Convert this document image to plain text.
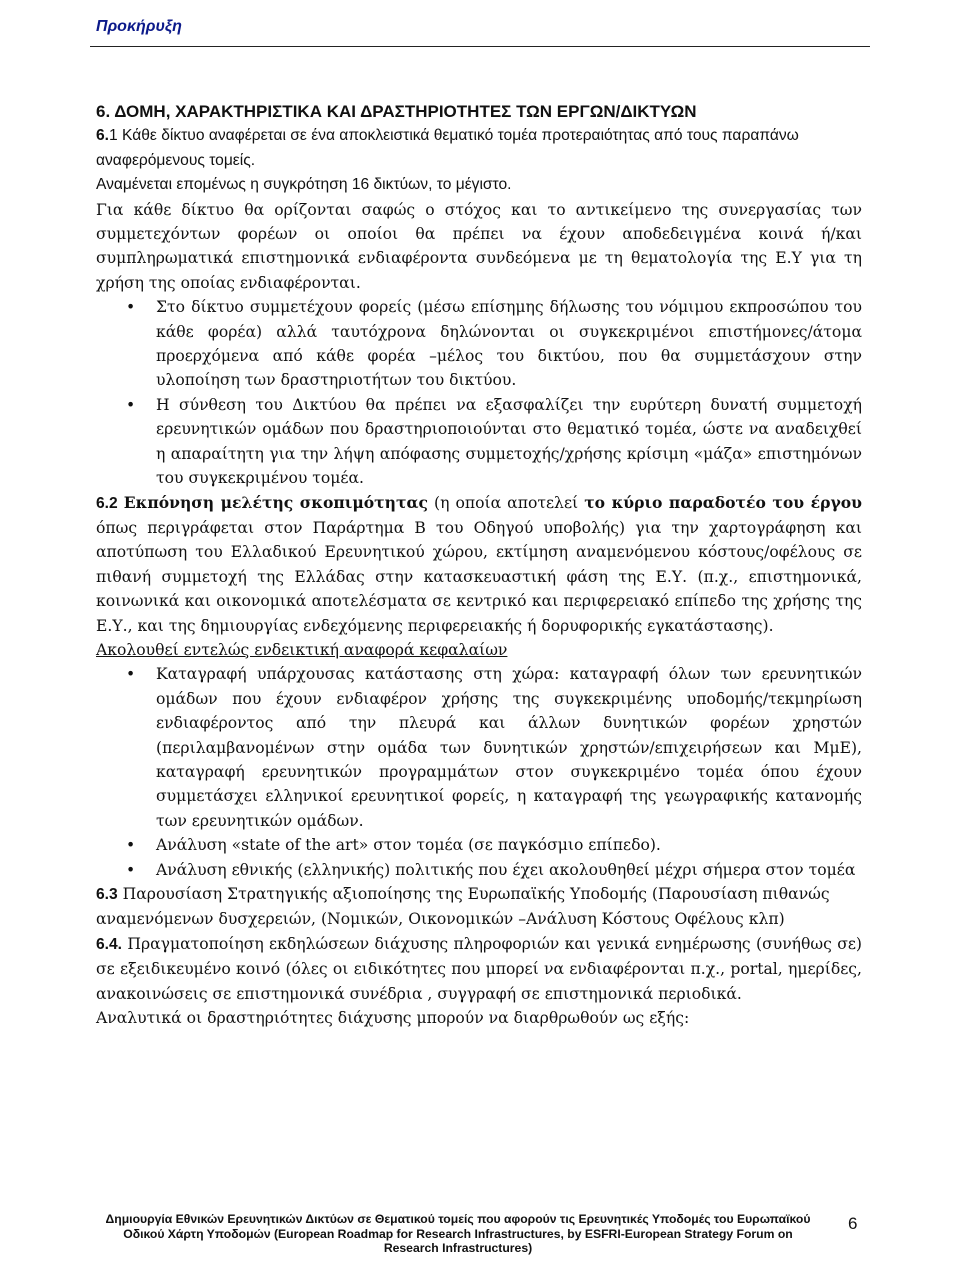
Προκήρυξη

6. ΔΟΜΗ, ΧΑΡΑΚΤΗΡΙΣΤΙΚΑ ΚΑΙ ΔΡΑΣΤΗΡΙΟΤΗΤΕΣ ΤΩΝ ΕΡΓΩΝ/ΔΙΚΤΥΩΝ

6.1 Κάθε δίκτυο αναφέρεται σε ένα αποκλειστικά θεματικό τομέα προτεραιότητας από τους παραπάνω αναφερόμενους τομείς.

Αναμένεται επομένως η συγκρότηση 16 δικτύων, το μέγιστο.

Για κάθε δίκτυο θα ορίζονται σαφώς ο στόχος και το αντικείμενο της συνεργασίας των συμμετεχόντων φορέων οι οποίοι θα πρέπει να έχουν αποδεδειγμένα κοινά ή/και συμπληρωματικά επιστημονικά ενδιαφέροντα συνδεόμενα με τη θεματολογία της Ε.Υ για τη χρήση της οποίας ενδιαφέρονται.

• Στο δίκτυο συμμετέχουν φορείς (μέσω επίσημης δήλωσης του νόμιμου εκπροσώπου του κάθε φορέα) αλλά ταυτόχρονα δηλώνονται οι συγκεκριμένοι επιστήμονες/άτομα προερχόμενα από κάθε φορέα –μέλος του δικτύου, που θα συμμετάσχουν στην υλοποίηση των δραστηριοτήτων του δικτύου.
• Η σύνθεση του Δικτύου θα πρέπει να εξασφαλίζει την ευρύτερη δυνατή συμμετοχή ερευνητικών ομάδων που δραστηριοποιούνται στο θεματικό τομέα, ώστε να αναδειχθεί η απαραίτητη για την λήψη απόφασης συμμετοχής/χρήσης κρίσιμη «μάζα» επιστημόνων του συγκεκριμένου τομέα.

6.2 Εκπόνηση μελέτης σκοπιμότητας (η οποία αποτελεί το κύριο παραδοτέο του έργου όπως περιγράφεται στον Παράρτημα Β του Οδηγού υποβολής) για την χαρτογράφηση και αποτύπωση του Ελλαδικού Ερευνητικού χώρου, εκτίμηση αναμενόμενου κόστους/οφέλους σε πιθανή συμμετοχή της Ελλάδας στην κατασκευαστική φάση της Ε.Υ. (π.χ., επιστημονικά, κοινωνικά και οικονομικά αποτελέσματα σε κεντρικό και περιφερειακό επίπεδο της χρήσης της Ε.Υ., και της δημιουργίας ενδεχόμενης περιφερειακής ή δορυφορικής εγκατάστασης).

Ακολουθεί εντελώς ενδεικτική αναφορά κεφαλαίων

• Καταγραφή υπάρχουσας κατάστασης στη χώρα: καταγραφή όλων των ερευνητικών ομάδων που έχουν ενδιαφέρον χρήσης της συγκεκριμένης υποδομής/τεκμηρίωση ενδιαφέροντος από την πλευρά και άλλων δυνητικών φορέων χρηστών (περιλαμβανομένων στην ομάδα των δυνητικών χρηστών/επιχειρήσεων και ΜμΕ), καταγραφή ερευνητικών προγραμμάτων στον συγκεκριμένο τομέα όπου έχουν συμμετάσχει ελληνικοί ερευνητικοί φορείς, η καταγραφή της γεωγραφικής κατανομής των ερευνητικών ομάδων.
• Ανάλυση «state of the art» στον τομέα (σε παγκόσμιο επίπεδο).
• Ανάλυση εθνικής (ελληνικής) πολιτικής που έχει ακολουθηθεί μέχρι σήμερα στον τομέα

6.3 Παρουσίαση Στρατηγικής αξιοποίησης της Ευρωπαϊκής Υποδομής (Παρουσίαση πιθανώς αναμενόμενων δυσχερειών, (Νομικών, Οικονομικών –Ανάλυση Κόστους Οφέλους κλπ)

6.4. Πραγματοποίηση εκδηλώσεων διάχυσης πληροφοριών και γενικά ενημέρωσης (συνήθως σε) σε εξειδικευμένο κοινό (όλες οι ειδικότητες που μπορεί να ενδιαφέρονται π.χ., portal, ημερίδες, ανακοινώσεις σε επιστημονικά συνέδρια , συγγραφή σε επιστημονικά περιοδικά.

Αναλυτικά οι δραστηριότητες διάχυσης μπορούν να διαρθρωθούν ως εξής:

Δημιουργία Εθνικών Ερευνητικών Δικτύων σε Θεματικού τομείς που αφορούν τις Ερευνητικές Υποδομές του Ευρωπαϊκού Οδικού Χάρτη Υποδομών (European Roadmap for Research Infrastructures, by ESFRI-European Strategy Forum on Research Infrastructures)
6
